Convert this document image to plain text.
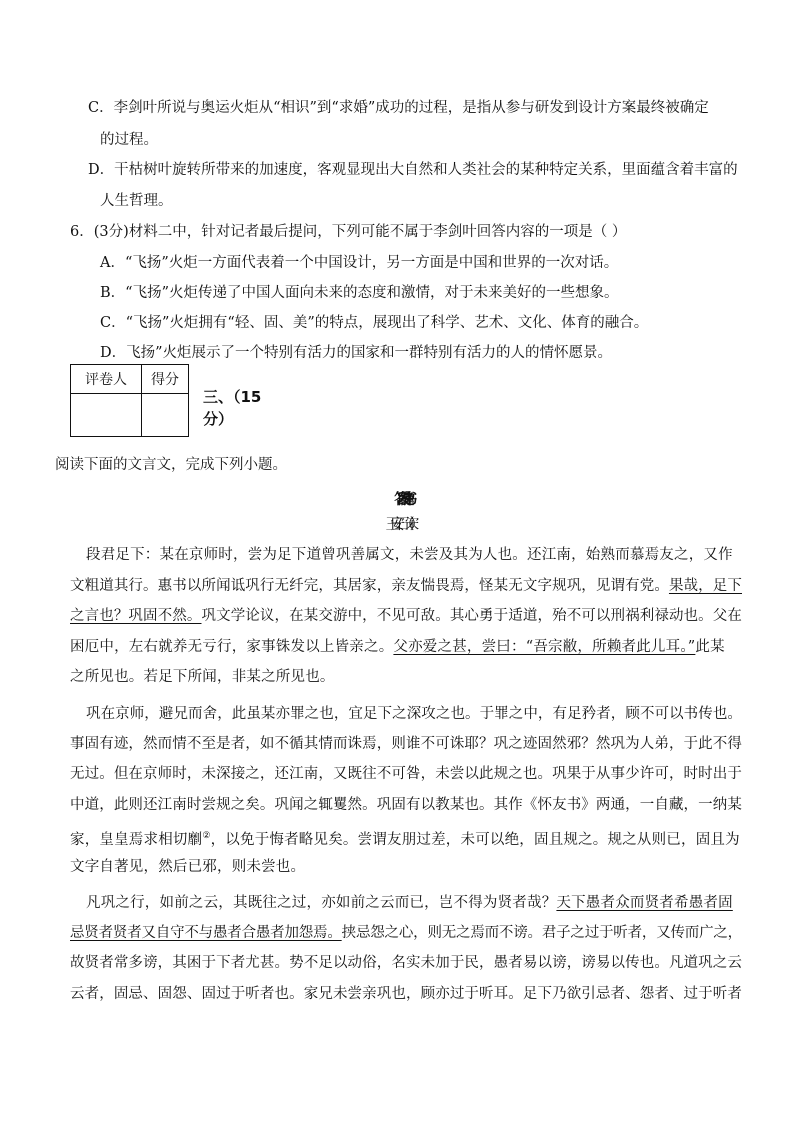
C．李剑叶所说与奥运火炬从“相识”到“求婚”成功的过程，是指从参与研发到设计方案最终被确定
的过程。
D．干枯树叶旋转所带来的加速度，客观显现出大自然和人类社会的某种特定关系，里面蕴含着丰富的
人生哲理。
6．(3分)材料二中，针对记者最后提问，下列可能不属于李剑叶回答内容的一项是（ ）
A．“飞扬”火炬一方面代表着一个中国设计，另一方面是中国和世界的一次对话。
B．“飞扬”火炬传递了中国人面向未来的态度和激情，对于未来美好的一些想象。
C．“飞扬”火炬拥有“轻、固、美”的特点，展现出了科学、艺术、文化、体育的融合。
D．飞扬”火炬展示了一个特别有活力的国家和一群特别有活力的人的情怀愿景。
评卷人	得分

三、（15
分）
阅读下面的文言文，完成下列小题。
答段缝书
王安石（宋）
段君足下：某在京师时，尝为足下道曾巩善属文，未尝及其为人也。还江南，始熟而慕焉友之，又作
文粗道其行。惠书以所闻诋巩行无纤完，其居家，亲友惴畏焉，怪某无文字规巩，见谓有党。果哉，足下
之言也？巩固不然。巩文学论议，在某交游中，不见可敌。其心勇于适道，殆不可以刑祸利禄动也。父在
困厄中，左右就养无亏行，家事铢发以上皆亲之。父亦爱之甚，尝曰：“吾宗敝，所赖者此儿耳。”此某
之所见也。若足下所闻，非某之所见也。
巩在京师，避兄而舍，此虽某亦罪之也，宜足下之深攻之也。于罪之中，有足矜者，顾不可以书传也。
事固有迹，然而情不至是者，如不循其情而诛焉，则谁不可诛耶？巩之迹固然邪？然巩为人弟，于此不得
无过。但在京师时，未深接之，还江南，又既往不可咎，未尝以此规之也。巩果于从事少许可，时时出于
中道，此则还江南时尝规之矣。巩闻之辄矍然。巩固有以教某也。其作《怀友书》两通，一自藏，一纳某
家，皇皇焉求相切劘②，以免于悔者略见矣。尝谓友朋过差，未可以绝，固且规之。规之从则已，固且为
文字自著见，然后已邪，则未尝也。
凡巩之行，如前之云，其既往之过，亦如前之云而已，岂不得为贤者哉？天下愚者众而贤者希愚者固
忌贤者贤者又自守不与愚者合愚者加怨焉。挟忌怨之心，则无之焉而不谤。君子之过于听者，又传而广之，
故贤者常多谤，其困于下者尤甚。势不足以动俗，名实未加于民，愚者易以谤，谤易以传也。凡道巩之云
云者，固忌、固怨、固过于听者也。家兄未尝亲巩也，顾亦过于听耳。足下乃欲引忌者、怨者、过于听者
